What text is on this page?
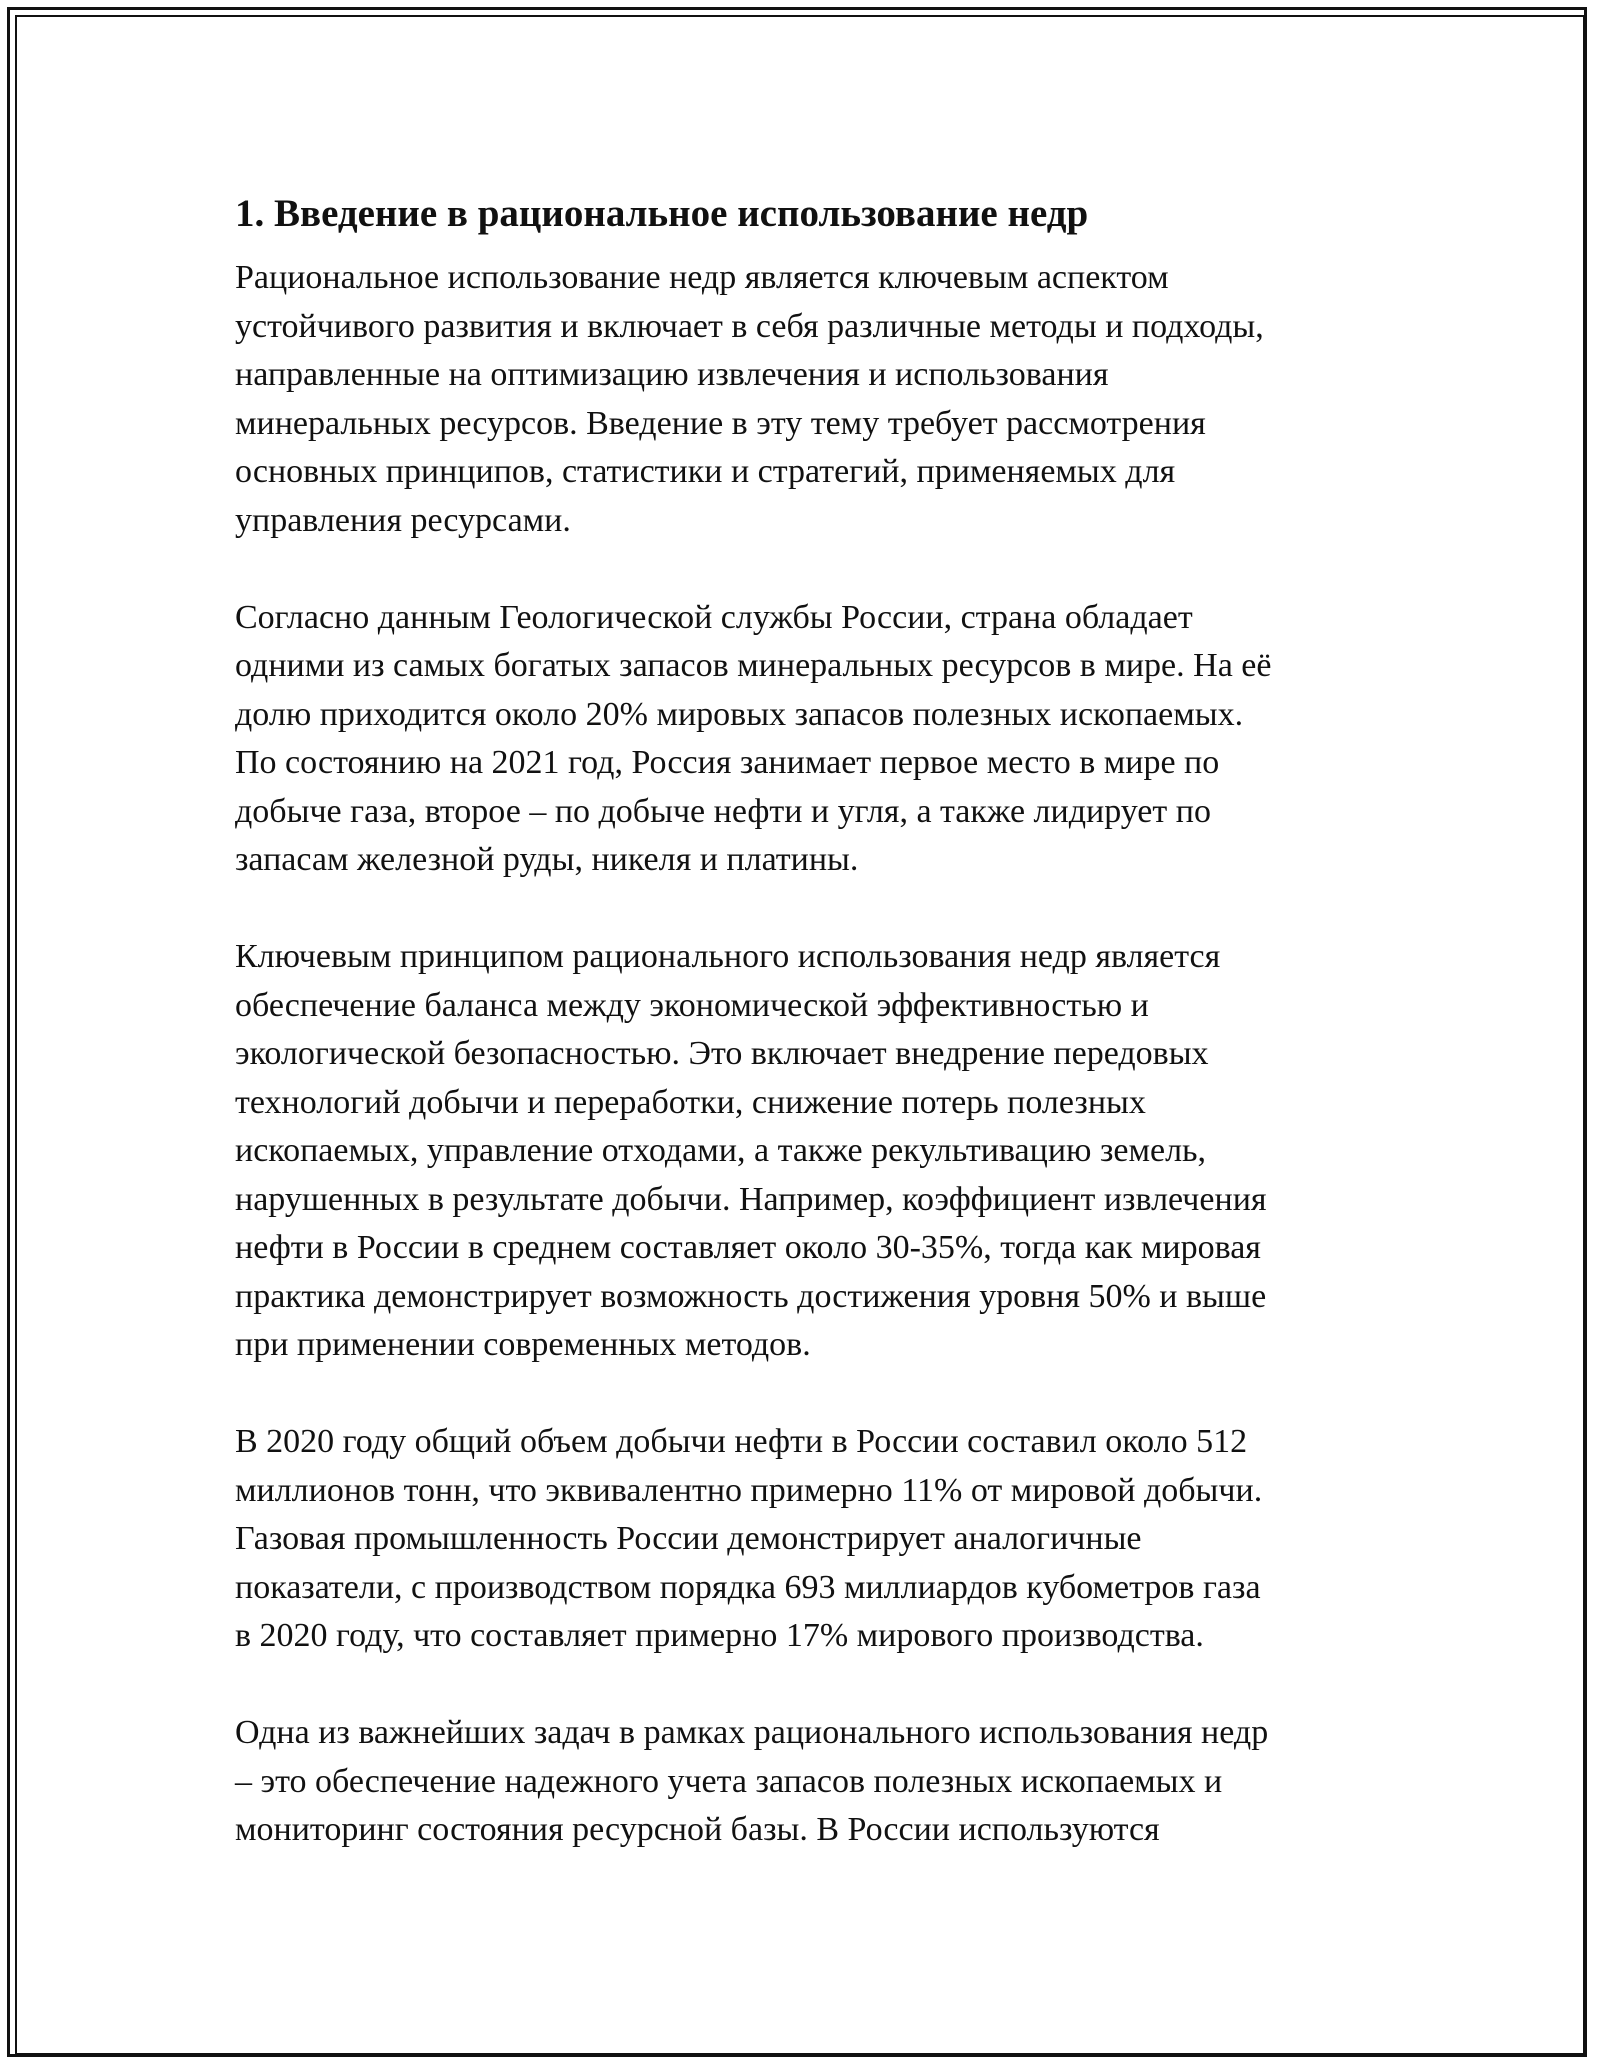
1. Введение в рациональное использование недр

Рациональное использование недр является ключевым аспектом
устойчивого развития и включает в себя различные методы и подходы,
направленные на оптимизацию извлечения и использования
минеральных ресурсов. Введение в эту тему требует рассмотрения
основных принципов, статистики и стратегий, применяемых для
управления ресурсами.

Согласно данным Геологической службы России, страна обладает
одними из самых богатых запасов минеральных ресурсов в мире. На её
долю приходится около 20% мировых запасов полезных ископаемых.
По состоянию на 2021 год, Россия занимает первое место в мире по
добыче газа, второе – по добыче нефти и угля, а также лидирует по
запасам железной руды, никеля и платины.

Ключевым принципом рационального использования недр является
обеспечение баланса между экономической эффективностью и
экологической безопасностью. Это включает внедрение передовых
технологий добычи и переработки, снижение потерь полезных
ископаемых, управление отходами, а также рекультивацию земель,
нарушенных в результате добычи. Например, коэффициент извлечения
нефти в России в среднем составляет около 30-35%, тогда как мировая
практика демонстрирует возможность достижения уровня 50% и выше
при применении современных методов.

В 2020 году общий объем добычи нефти в России составил около 512
миллионов тонн, что эквивалентно примерно 11% от мировой добычи.
Газовая промышленность России демонстрирует аналогичные
показатели, с производством порядка 693 миллиардов кубометров газа
в 2020 году, что составляет примерно 17% мирового производства.

Одна из важнейших задач в рамках рационального использования недр
– это обеспечение надежного учета запасов полезных ископаемых и
мониторинг состояния ресурсной базы. В России используются
